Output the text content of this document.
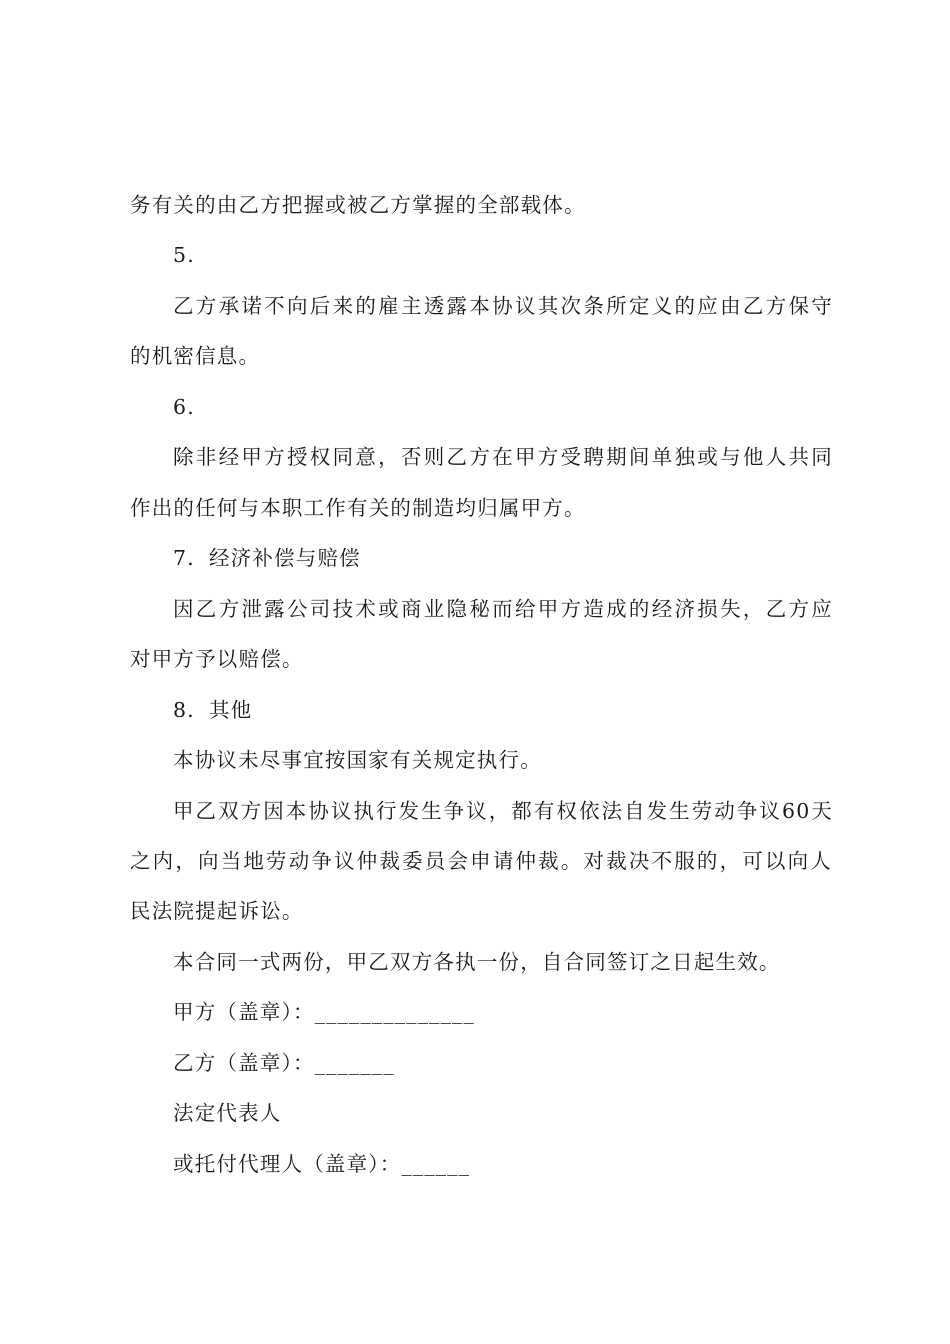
务有关的由乙方把握或被乙方掌握的全部载体。
5.
乙方承诺不向后来的雇主透露本协议其次条所定义的应由乙方保守
的机密信息。
6.
除非经甲方授权同意，否则乙方在甲方受聘期间单独或与他人共同
作出的任何与本职工作有关的制造均归属甲方。
7．经济补偿与赔偿
因乙方泄露公司技术或商业隐秘而给甲方造成的经济损失，乙方应
对甲方予以赔偿。
8．其他
本协议未尽事宜按国家有关规定执行。
甲乙双方因本协议执行发生争议，都有权依法自发生劳动争议60天
之内，向当地劳动争议仲裁委员会申请仲裁。对裁决不服的，可以向人
民法院提起诉讼。
本合同一式两份，甲乙双方各执一份，自合同签订之日起生效。
甲方（盖章）：______________
乙方（盖章）：_______
法定代表人
或托付代理人（盖章）：______
